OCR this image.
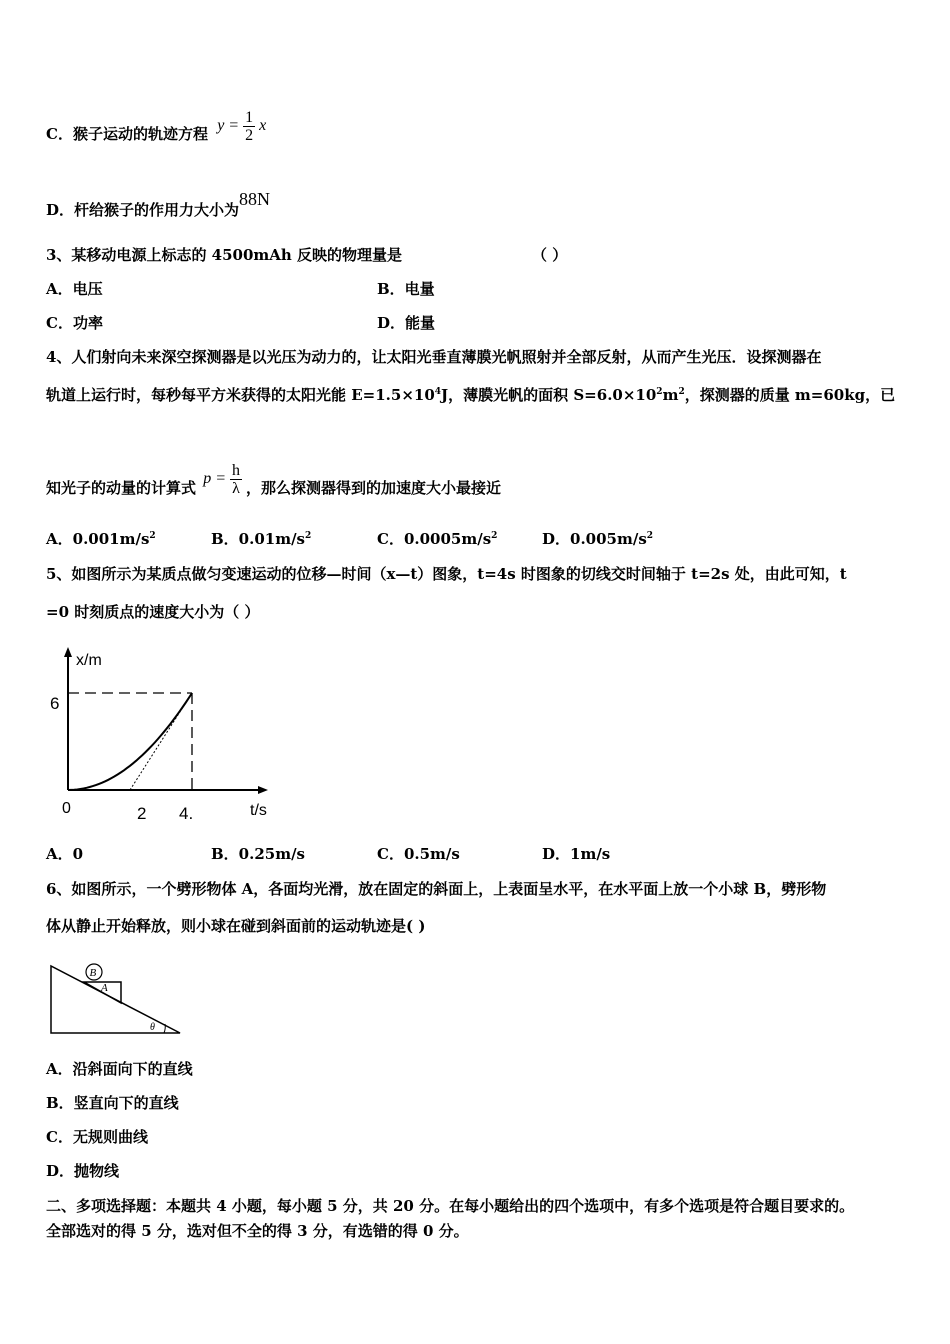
C．猴子运动的轨迹方程 $y = \frac{1}{2}$ x
D．杆给猴子的作用力大小为88N
3、某移动电源上标志的 4500mAh 反映的物理量是	（ ）
A．电压	B．电量
C．功率	D．能量
4、人们射向未来深空探测器是以光压为动力的，让太阳光垂直薄膜光帆照射并全部反射，从而产生光压．设探测器在
轨道上运行时，每秒每平方米获得的太阳光能 $E=1.5\times 10^4J$，薄膜光帆的面积 $S=6.0\times 10^2m^2$，探测器的质量 m=60kg，已
知光子的动量的计算式 $p = \frac{h}{\lambda}$ ，那么探测器得到的加速度大小最接近
A．$0.001m/s^2$	B．$0.01m/s^2$	C．$0.0005m/s^2$	D．$0.005m/s^2$
5、如图所示为某质点做匀变速运动的位移—时间（x—t）图象，t=4s 时图象的切线交时间轴于 t=2s 处，由此可知，t
=0 时刻质点的速度大小为（ ）
x/m
t/s
0
6
2 4.
A．0	B．0.25m/s	C．0.5m/s	D．1m/s
6、如图所示，一个劈形物体 A，各面均光滑，放在固定的斜面上，上表面呈水平，在水平面上放一个小球 B，劈形物
体从静止开始释放，则小球在碰到斜面前的运动轨迹是( )
B
A
θ
A．沿斜面向下的直线
B．竖直向下的直线
C．无规则曲线
D．抛物线
二、多项选择题：本题共 4 小题，每小题 5 分，共 20 分。在每小题给出的四个选项中，有多个选项是符合题目要求的。
全部选对的得 5 分，选对但不全的得 3 分，有选错的得 0 分。
